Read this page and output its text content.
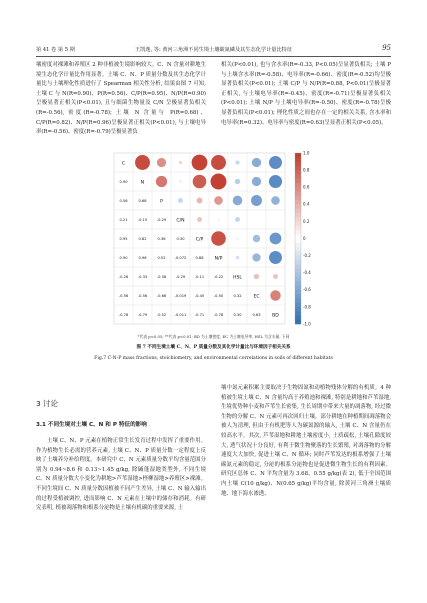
第 41 卷 第 5 期	王凯逸, 等: 黄河三角洲不同生境土壤碳氮磷及其生态化学计量比特征	95

壤密度对裸滩和养殖区 2 种非植被生境影响较大。C、N 含量对耕地生境生态化学计量比作用显著。土壤 C、N、P 质量分数及其生态化学计量比与土壤理化性质进行了 Spearman 相关性分析, 结果由图 7 可知, 土壤 C 与 N(R=0.90)、P(R=0.56)、C/P(R=0.95)、N/P(R=0.90)呈极显著正相关(P<0.01), 且与细菌生物量及 C/N 呈极显著负相关(R=-0.56), 密度(R=-0.78); 土壤 N 含量与 P(R=0.68)、C/P(R=0.82)、N/P(R=0.96)呈极显著正相关(P<0.01), 与土壤电导率(R=-0.56)、密度(R=-0.79)呈极显著负

相关(P<0.01), 也与含水率(R=-0.33, P<0.05)呈显著负相关; 土壤 P 与土壤含水率(R=-0.58)、电导率(R=-0.66)、密度(R=-0.52)均呈极显著负相关(P<0.01); 土壤 C/P 与 N/P(R=0.88, P<0.01)呈极显著正相关, 与土壤电导率(R=-0.45)、密度(R=-0.71)呈极显著负相关(P<0.01); 土壤 N/P 与土壤电导率(R=-0.50)、密度(R=-0.78)呈极显著负相关(P<0.01); 理化性质之间也存在一定的相关关系, 含水率和电导率(R=0.32)、电导率与密度(R=0.63)呈显著正相关(P<0.05)。

C
0.90	N
0.56	0.68	P
0.21	-0.15	-0.29 C/N
0.95	0.82	0.36	0.30 C/P
0.90	0.96	0.52	-0.072	0.88 N/P
-0.26	-0.33	-0.58	-0.29	-0.11	-0.22 HSL
-0.56	-0.56	-0.66 -0.019 -0.45	-0.50	0.32	EC
-0.78	-0.79	-0.52 -0.011 -0.71	-0.78	0.30	0.63	BD
1.0
0.8
0.6
0.4
0.2
0
-0.2
-0.4
-0.6
-0.8
-1.0
*代表 p<0.05; **代表 p<0.01; BD 为土壤密度, EC 为土壤电导率, HSL 为含水量, 下同
图 7 不同生境土壤 C、N、P 质量分数及其化学计量比与环境因子相关关系
Fig.7 C-N-P mass fractions, stoichiometry, and environmental correlations in soils of different habitats
3 讨论
3.1 不同生境对土壤 C、N 和 P 特征的影响

土壤 C、N、P 元素在植物正常生长发育过程中发挥了重要作用。作为植物生长必需的营养元素, 土壤 C、N、P 质量分数一定程度上反映了土壤养分补给程度。本研究中 C、N 元素质量分数平均含量范围分别为 0.94~8.6 和 0.13~1.45 g/kg, 除碱蓬湿地类型外, 不同生境 C、N 质量分数大小变化为耕地>芦苇湿地>柽柳湿地>养殖区>裸滩。不同生境间 C、N 质量分数因植被不同产生差异, 土壤 C、N 输入输出的过程受植被调控, 进而影响 C、N 元素在土壤中的储存和消耗。有研究表明, 植被凋落物和根系分泌物是土壤有机碳的重要来源, 土

壤中氮元素积累主要取决于生物固氮和动植物残体分解的有机质。4 种植被生境土壤 C、N 含量均高于养殖池和裸滩, 特别是耕地和芦苇湿地, 生境优势种小麦和芦苇生长密集, 生长周期中带来大量的凋落物, 经过微生物的分解 C、N 元素可再次回归土壤。部分耕地在种植期间凋落物会被人为清理, 但由于有机肥等人为碳氮源的输入, 土壤 C、N 含量仍在较高水平。其次, 芦苇湿地和耕地土壤密度小, 土质疏松, 土壤孔隙度较大, 透气状况十分良好, 有利于微生物聚落的生长繁殖, 对凋落物的分解速度大大加快, 促进土壤 C、N 循环; 同时芦苇发达的根系增强了土壤碳氮元素的稳定, 分泌的根系分泌物也是促进微生物生长的有利因素。研究区总体 C、N 平均含量为 3.68、0.55 g/kg(表 2), 低于全国范围内土壤 C(10 g/kg)、N(0.65 g/kg)平均含量, 除黄河三角洲土壤质地、地下海水渗透、
